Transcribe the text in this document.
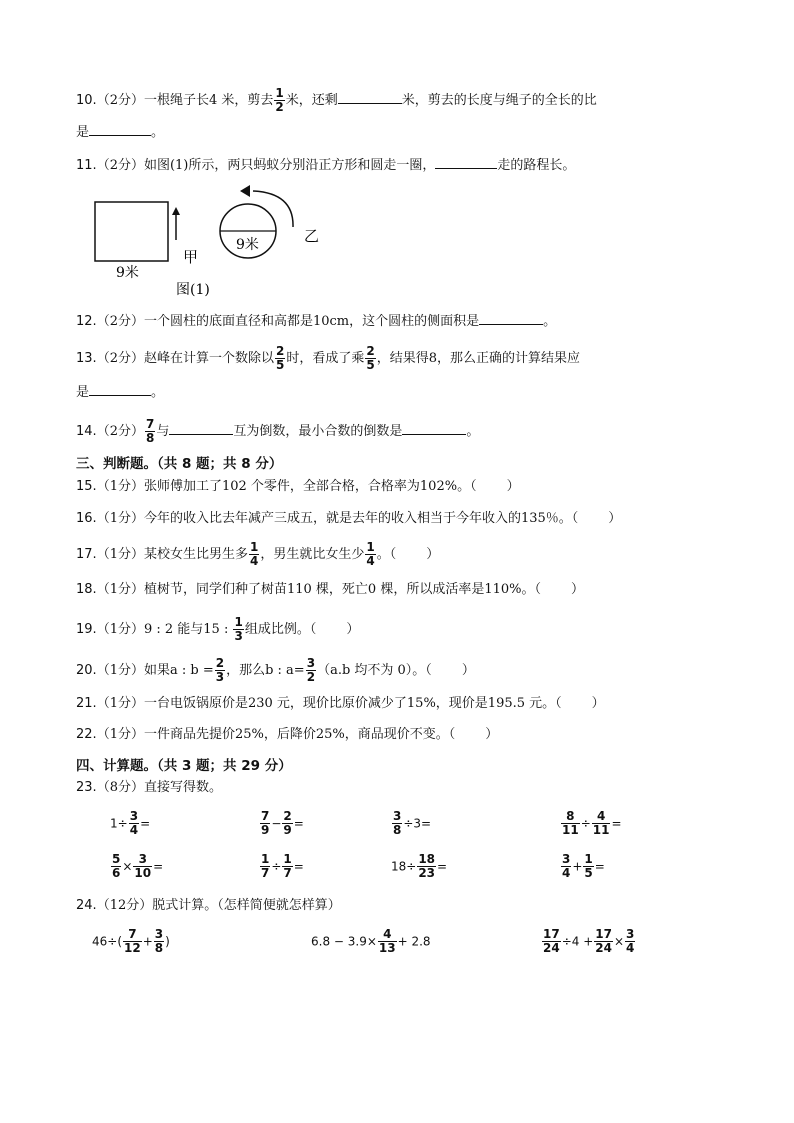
10.（2分）一根绳子长4 米，剪去 $\frac{1}{2}$ 米，还剩	米，剪去的长度与绳子的全长的比
是	。
11.（2分）如图(1)所示，两只蚂蚁分别沿正方形和圆走一圈，	走的路程长。
9米
甲
图(1)
9米	乙
12.（2分）一个圆柱的底面直径和高都是10cm，这个圆柱的侧面积是	。
13.（2分）赵峰在计算一个数除以 $\frac{2}{5}$ 时，看成了乘 $\frac{2}{5}$ ，结果得8，那么正确的计算结果应
是	。
14.（2分） $\frac{7}{8}$ 与	互为倒数，最小合数的倒数是	。
三、判断题。（共 8 题；共 8 分）
15.（1分）张师傅加工了102 个零件，全部合格，合格率为102%。（ ）
16.（1分）今年的收入比去年减产三成五，就是去年的收入相当于今年收入的135％。（ ）
17.（1分）某校女生比男生多 $\frac{1}{4}$ ，男生就比女生少 $\frac{1}{4}$ 。（ ）
18.（1分）植树节，同学们种了树苗110 棵，死亡0 棵，所以成活率是110%。（ ）
19.（1分）9 : 2 能与15 : $\frac{1}{3}$ 组成比例。（ ）
20.（1分）如果a : $b = \frac{2}{3}$ ，那么b : $a= \frac{3}{2} (a.b$ 均不为 0）。（ ）
21.（1分）一台电饭锅原价是230 元，现价比原价减少了15%，现价是195.5 元。（ ）
22.（1分）一件商品先提价25%，后降价25%，商品现价不变。（ ）
四、计算题。（共 3 题；共 29 分）
23.（8分）直接写得数。
$1\div \frac{3}{4}$ =	$\frac{7}{9} - \frac{2}{9}$ =	$\frac{3}{8} \div 3=$	$\frac{8}{11} \div \frac{4}{11}$ =
$\frac{5}{6} \times \frac{3}{10}$ =	$\frac{1}{7} \div \frac{1}{7}$ =	$18\div \frac{18}{23}$ =	$\frac{3}{4} + \frac{1}{5}$ =
24.（12分）脱式计算。（怎样简便就怎样算）
$46\div( \frac{7}{12} + \frac{3}{8}$ )	$6.8 - 3.9\times \frac{4}{13} + 2.8$	$\frac{17}{24} \div 4 + \frac{17}{24} \times \frac{3}{4}$
